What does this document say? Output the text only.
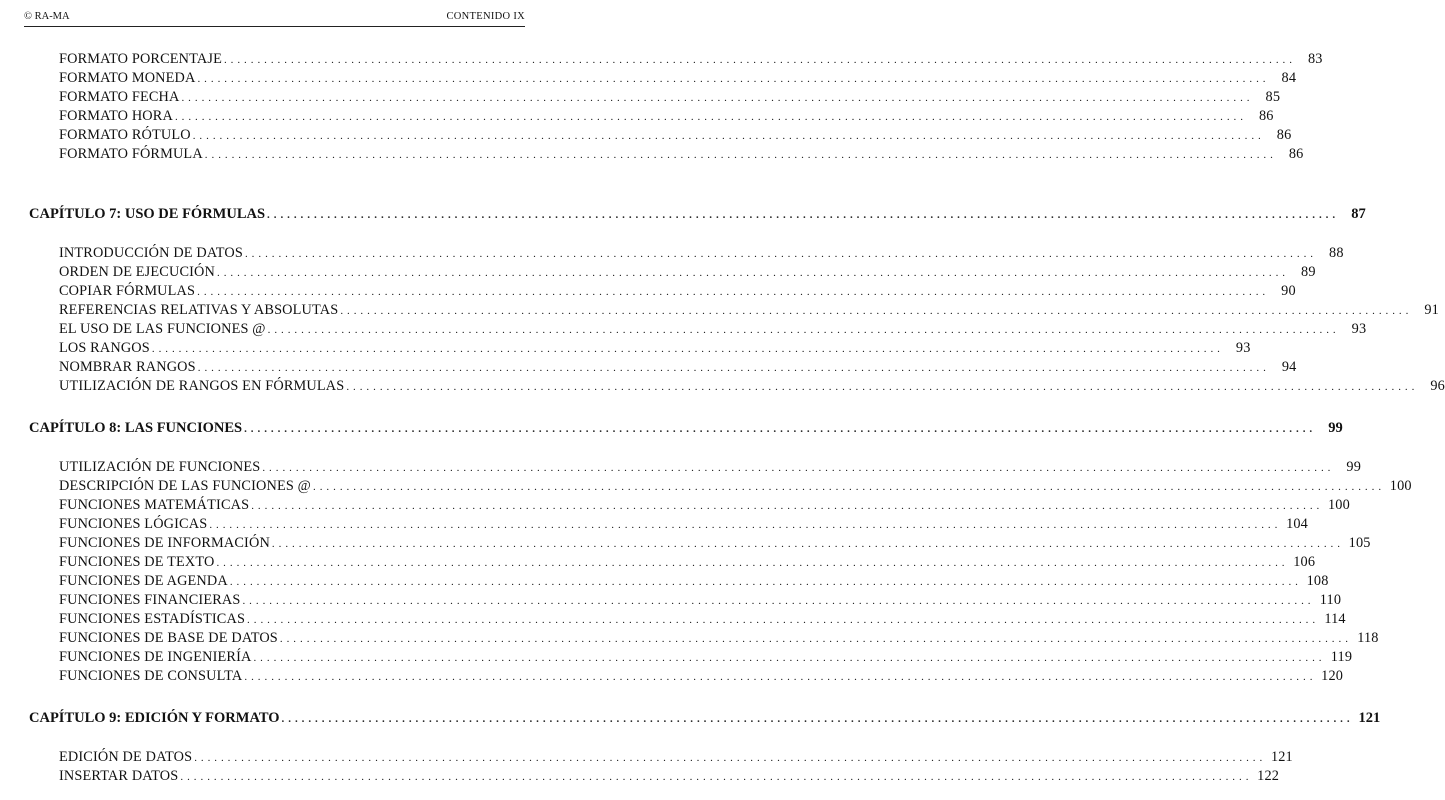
© RA-MA	CONTENIDO IX
FORMATO PORCENTAJE . . . . . . . . . . . . . . . . . . . . . . . . . . . . . . . . . . . . . . . . . . . . . . . . . . . . . . . . . . . . . . . . . . . . . . . . . . . . . . . . . . . . . . . . . . . . . . . . . . . . . . . . . . . . . . . . . . . . . . . . . . . . . . . . . . . . . . . . . . . . . . . . . . . . . . . . . . . . . . . .	83
FORMATO MONEDA . . . . . . . . . . . . . . . . . . . . . . . . . . . . . . . . . . . . . . . . . . . . . . . . . . . . . . . . . . . . . . . . . . . . . . . . . . . . . . . . . . . . . . . . . . . . . . . . . . . . . . . . . . . . . . . . . . . . . . . . . . . . . . . . . . . . . . . . . . . . . . . . . . . . . . . . . . . . . . . .	84
FORMATO FECHA . . . . . . . . . . . . . . . . . . . . . . . . . . . . . . . . . . . . . . . . . . . . . . . . . . . . . . . . . . . . . . . . . . . . . . . . . . . . . . . . . . . . . . . . . . . . . . . . . . . . . . . . . . . . . . . . . . . . . . . . . . . . . . . . . . . . . . . . . . . . . . . . . . . . . . . . . . . . . . . .	85
FORMATO HORA . . . . . . . . . . . . . . . . . . . . . . . . . . . . . . . . . . . . . . . . . . . . . . . . . . . . . . . . . . . . . . . . . . . . . . . . . . . . . . . . . . . . . . . . . . . . . . . . . . . . . . . . . . . . . . . . . . . . . . . . . . . . . . . . . . . . . . . . . . . . . . . . . . . . . . . . . . . . . . . .	86
FORMATO RÓTULO . . . . . . . . . . . . . . . . . . . . . . . . . . . . . . . . . . . . . . . . . . . . . . . . . . . . . . . . . . . . . . . . . . . . . . . . . . . . . . . . . . . . . . . . . . . . . . . . . . . . . . . . . . . . . . . . . . . . . . . . . . . . . . . . . . . . . . . . . . . . . . . . . . . . . . . . . . . . . . . .	86
FORMATO FÓRMULA . . . . . . . . . . . . . . . . . . . . . . . . . . . . . . . . . . . . . . . . . . . . . . . . . . . . . . . . . . . . . . . . . . . . . . . . . . . . . . . . . . . . . . . . . . . . . . . . . . . . . . . . . . . . . . . . . . . . . . . . . . . . . . . . . . . . . . . . . . . . . . . . . . . . . . . . . . . . . . . .	86
CAPÍTULO 7: USO DE FÓRMULAS . . . . . . . . . . . . . . . . . . . . . . . . . . . . . . . . . . . . . . . . . . . . . . . . . . . . . . . . . . . . . . . . . . . . . . . . . . . . . . . . . . . . . . . . . . . . . . . . . . . . . . . . . . . . . . . . . . . . . . . . . . . . . . . . . . . . . . . . . . . . . . . . . . . . . . . . . . . . . . . .	87
INTRODUCCIÓN DE DATOS . . . . . . . . . . . . . . . . . . . . . . . . . . . . . . . . . . . . . . . . . . . . . . . . . . . . . . . . . . . . . . . . . . . . . . . . . . . . . . . . . . . . . . . . . . . . . . . . . . . . . . . . . . . . . . . . . . . . . . . . . . . . . . . . . . . . . . . . . . . . . . . . . . . . . . . . . . . . . . . .	88
ORDEN DE EJECUCIÓN . . . . . . . . . . . . . . . . . . . . . . . . . . . . . . . . . . . . . . . . . . . . . . . . . . . . . . . . . . . . . . . . . . . . . . . . . . . . . . . . . . . . . . . . . . . . . . . . . . . . . . . . . . . . . . . . . . . . . . . . . . . . . . . . . . . . . . . . . . . . . . . . . . . . . . . . . . . . . . . .	89
COPIAR FÓRMULAS . . . . . . . . . . . . . . . . . . . . . . . . . . . . . . . . . . . . . . . . . . . . . . . . . . . . . . . . . . . . . . . . . . . . . . . . . . . . . . . . . . . . . . . . . . . . . . . . . . . . . . . . . . . . . . . . . . . . . . . . . . . . . . . . . . . . . . . . . . . . . . . . . . . . . . . . . . . . . . . .	90
REFERENCIAS RELATIVAS Y ABSOLUTAS . . . . . . . . . . . . . . . . . . . . . . . . . . . . . . . . . . . . . . . . . . . . . . . . . . . . . . . . . . . . . . . . . . . . . . . . . . . . . . . . . . . . . . . . . . . . . . . . . . . . . . . . . . . . . . . . . . . . . . . . . . . . . . . . . . . . . . . . . . . . . . . . . . . . . . . . . . . . . . . .	91
EL USO DE LAS FUNCIONES @ . . . . . . . . . . . . . . . . . . . . . . . . . . . . . . . . . . . . . . . . . . . . . . . . . . . . . . . . . . . . . . . . . . . . . . . . . . . . . . . . . . . . . . . . . . . . . . . . . . . . . . . . . . . . . . . . . . . . . . . . . . . . . . . . . . . . . . . . . . . . . . . . . . . . . . . . . . . . . . . .	93
LOS RANGOS . . . . . . . . . . . . . . . . . . . . . . . . . . . . . . . . . . . . . . . . . . . . . . . . . . . . . . . . . . . . . . . . . . . . . . . . . . . . . . . . . . . . . . . . . . . . . . . . . . . . . . . . . . . . . . . . . . . . . . . . . . . . . . . . . . . . . . . . . . . . . . . . . . . . . . . . . . . . . . . .	93
NOMBRAR RANGOS . . . . . . . . . . . . . . . . . . . . . . . . . . . . . . . . . . . . . . . . . . . . . . . . . . . . . . . . . . . . . . . . . . . . . . . . . . . . . . . . . . . . . . . . . . . . . . . . . . . . . . . . . . . . . . . . . . . . . . . . . . . . . . . . . . . . . . . . . . . . . . . . . . . . . . . . . . . . . . . .	94
UTILIZACIÓN DE RANGOS EN FÓRMULAS . . . . . . . . . . . . . . . . . . . . . . . . . . . . . . . . . . . . . . . . . . . . . . . . . . . . . . . . . . . . . . . . . . . . . . . . . . . . . . . . . . . . . . . . . . . . . . . . . . . . . . . . . . . . . . . . . . . . . . . . . . . . . . . . . . . . . . . . . . . . . . . . . . . . . . . . . . . . . . . .	96
CAPÍTULO 8: LAS FUNCIONES . . . . . . . . . . . . . . . . . . . . . . . . . . . . . . . . . . . . . . . . . . . . . . . . . . . . . . . . . . . . . . . . . . . . . . . . . . . . . . . . . . . . . . . . . . . . . . . . . . . . . . . . . . . . . . . . . . . . . . . . . . . . . . . . . . . . . . . . . . . . . . . . . . . . . . . . . . . . . . . .	99
UTILIZACIÓN DE FUNCIONES . . . . . . . . . . . . . . . . . . . . . . . . . . . . . . . . . . . . . . . . . . . . . . . . . . . . . . . . . . . . . . . . . . . . . . . . . . . . . . . . . . . . . . . . . . . . . . . . . . . . . . . . . . . . . . . . . . . . . . . . . . . . . . . . . . . . . . . . . . . . . . . . . . . . . . . . . . . . . . . .	99
DESCRIPCIÓN DE LAS FUNCIONES @ . . . . . . . . . . . . . . . . . . . . . . . . . . . . . . . . . . . . . . . . . . . . . . . . . . . . . . . . . . . . . . . . . . . . . . . . . . . . . . . . . . . . . . . . . . . . . . . . . . . . . . . . . . . . . . . . . . . . . . . . . . . . . . . . . . . . . . . . . . . . . . . . . . . . . . . . . . . . . . . . 100
FUNCIONES MATEMÁTICAS . . . . . . . . . . . . . . . . . . . . . . . . . . . . . . . . . . . . . . . . . . . . . . . . . . . . . . . . . . . . . . . . . . . . . . . . . . . . . . . . . . . . . . . . . . . . . . . . . . . . . . . . . . . . . . . . . . . . . . . . . . . . . . . . . . . . . . . . . . . . . . . . . . . . . . . . . . . . . . . . 100
FUNCIONES LÓGICAS . . . . . . . . . . . . . . . . . . . . . . . . . . . . . . . . . . . . . . . . . . . . . . . . . . . . . . . . . . . . . . . . . . . . . . . . . . . . . . . . . . . . . . . . . . . . . . . . . . . . . . . . . . . . . . . . . . . . . . . . . . . . . . . . . . . . . . . . . . . . . . . . . . . . . . . . . . . . . . . . 104
FUNCIONES DE INFORMACIÓN . . . . . . . . . . . . . . . . . . . . . . . . . . . . . . . . . . . . . . . . . . . . . . . . . . . . . . . . . . . . . . . . . . . . . . . . . . . . . . . . . . . . . . . . . . . . . . . . . . . . . . . . . . . . . . . . . . . . . . . . . . . . . . . . . . . . . . . . . . . . . . . . . . . . . . . . . . . . . . . . 105
FUNCIONES DE TEXTO . . . . . . . . . . . . . . . . . . . . . . . . . . . . . . . . . . . . . . . . . . . . . . . . . . . . . . . . . . . . . . . . . . . . . . . . . . . . . . . . . . . . . . . . . . . . . . . . . . . . . . . . . . . . . . . . . . . . . . . . . . . . . . . . . . . . . . . . . . . . . . . . . . . . . . . . . . . . . . . . 106
FUNCIONES DE AGENDA . . . . . . . . . . . . . . . . . . . . . . . . . . . . . . . . . . . . . . . . . . . . . . . . . . . . . . . . . . . . . . . . . . . . . . . . . . . . . . . . . . . . . . . . . . . . . . . . . . . . . . . . . . . . . . . . . . . . . . . . . . . . . . . . . . . . . . . . . . . . . . . . . . . . . . . . . . . . . . . . 108
FUNCIONES FINANCIERAS . . . . . . . . . . . . . . . . . . . . . . . . . . . . . . . . . . . . . . . . . . . . . . . . . . . . . . . . . . . . . . . . . . . . . . . . . . . . . . . . . . . . . . . . . . . . . . . . . . . . . . . . . . . . . . . . . . . . . . . . . . . . . . . . . . . . . . . . . . . . . . . . . . . . . . . . . . . . . . . . 110
FUNCIONES ESTADÍSTICAS . . . . . . . . . . . . . . . . . . . . . . . . . . . . . . . . . . . . . . . . . . . . . . . . . . . . . . . . . . . . . . . . . . . . . . . . . . . . . . . . . . . . . . . . . . . . . . . . . . . . . . . . . . . . . . . . . . . . . . . . . . . . . . . . . . . . . . . . . . . . . . . . . . . . . . . . . . . . . . . . 114
FUNCIONES DE BASE DE DATOS . . . . . . . . . . . . . . . . . . . . . . . . . . . . . . . . . . . . . . . . . . . . . . . . . . . . . . . . . . . . . . . . . . . . . . . . . . . . . . . . . . . . . . . . . . . . . . . . . . . . . . . . . . . . . . . . . . . . . . . . . . . . . . . . . . . . . . . . . . . . . . . . . . . . . . . . . . . . . . . . 118
FUNCIONES DE INGENIERÍA . . . . . . . . . . . . . . . . . . . . . . . . . . . . . . . . . . . . . . . . . . . . . . . . . . . . . . . . . . . . . . . . . . . . . . . . . . . . . . . . . . . . . . . . . . . . . . . . . . . . . . . . . . . . . . . . . . . . . . . . . . . . . . . . . . . . . . . . . . . . . . . . . . . . . . . . . . . . . . . . 119
FUNCIONES DE CONSULTA . . . . . . . . . . . . . . . . . . . . . . . . . . . . . . . . . . . . . . . . . . . . . . . . . . . . . . . . . . . . . . . . . . . . . . . . . . . . . . . . . . . . . . . . . . . . . . . . . . . . . . . . . . . . . . . . . . . . . . . . . . . . . . . . . . . . . . . . . . . . . . . . . . . . . . . . . . . . . . . . 120
CAPÍTULO 9: EDICIÓN Y FORMATO . . . . . . . . . . . . . . . . . . . . . . . . . . . . . . . . . . . . . . . . . . . . . . . . . . . . . . . . . . . . . . . . . . . . . . . . . . . . . . . . . . . . . . . . . . . . . . . . . . . . . . . . . . . . . . . . . . . . . . . . . . . . . . . . . . . . . . . . . . . . . . . . . . . . . . . . . . . . . . . . 121
EDICIÓN DE DATOS . . . . . . . . . . . . . . . . . . . . . . . . . . . . . . . . . . . . . . . . . . . . . . . . . . . . . . . . . . . . . . . . . . . . . . . . . . . . . . . . . . . . . . . . . . . . . . . . . . . . . . . . . . . . . . . . . . . . . . . . . . . . . . . . . . . . . . . . . . . . . . . . . . . . . . . . . . . . . . . . 121
INSERTAR DATOS . . . . . . . . . . . . . . . . . . . . . . . . . . . . . . . . . . . . . . . . . . . . . . . . . . . . . . . . . . . . . . . . . . . . . . . . . . . . . . . . . . . . . . . . . . . . . . . . . . . . . . . . . . . . . . . . . . . . . . . . . . . . . . . . . . . . . . . . . . . . . . . . . . . . . . . . . . . . . . . . 122
